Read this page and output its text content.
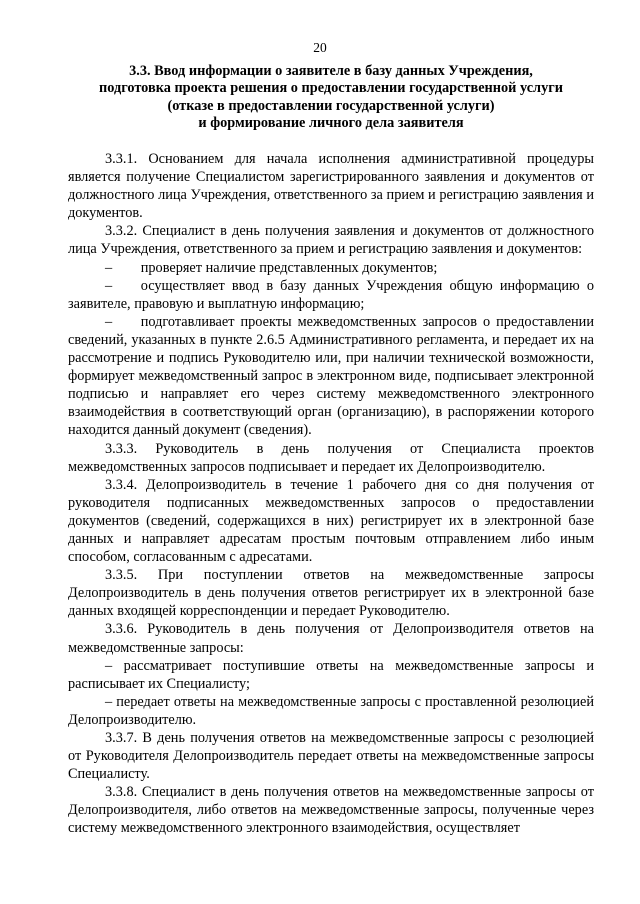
20
3.3. Ввод информации о заявителе в базу данных Учреждения,
подготовка проекта решения о предоставлении государственной услуги
(отказе в предоставлении государственной услуги)
и формирование личного дела заявителя

3.3.1. Основанием для начала исполнения административной процедуры является получение Специалистом зарегистрированного заявления и документов от должностного лица Учреждения, ответственного за прием и регистрацию заявления и документов.

3.3.2. Специалист в день получения заявления и документов от должностного лица Учреждения, ответственного за прием и регистрацию заявления и документов:

–  проверяет наличие представленных документов;

–  осуществляет ввод в базу данных Учреждения общую информацию о заявителе, правовую и выплатную информацию;

–  подготавливает проекты межведомственных запросов о предоставлении сведений, указанных в пункте 2.6.5 Административного регламента, и передает их на рассмотрение и подпись Руководителю или, при наличии технической возможности, формирует межведомственный запрос в электронном виде, подписывает электронной подписью и направляет его через систему межведомственного электронного взаимодействия в соответствующий орган (организацию), в распоряжении которого находится данный документ (сведения).

3.3.3. Руководитель в день получения от Специалиста проектов межведомственных запросов подписывает и передает их Делопроизводителю.

3.3.4. Делопроизводитель в течение 1 рабочего дня со дня получения от руководителя подписанных межведомственных запросов о предоставлении документов (сведений, содержащихся в них) регистрирует их в электронной базе данных и направляет адресатам простым почтовым отправлением либо иным способом, согласованным с адресатами.

3.3.5. При поступлении ответов на межведомственные запросы Делопроизводитель в день получения ответов регистрирует их в электронной базе данных входящей корреспонденции и передает Руководителю.

3.3.6. Руководитель в день получения от Делопроизводителя ответов на межведомственные запросы:

– рассматривает поступившие ответы на межведомственные запросы и расписывает их Специалисту;

– передает ответы на межведомственные запросы с проставленной резолюцией Делопроизводителю.

3.3.7. В день получения ответов на межведомственные запросы с резолюцией от Руководителя Делопроизводитель передает ответы на межведомственные запросы Специалисту.

3.3.8. Специалист в день получения ответов на межведомственные запросы от Делопроизводителя, либо ответов на межведомственные запросы, полученные через систему межведомственного электронного взаимодействия, осуществляет
